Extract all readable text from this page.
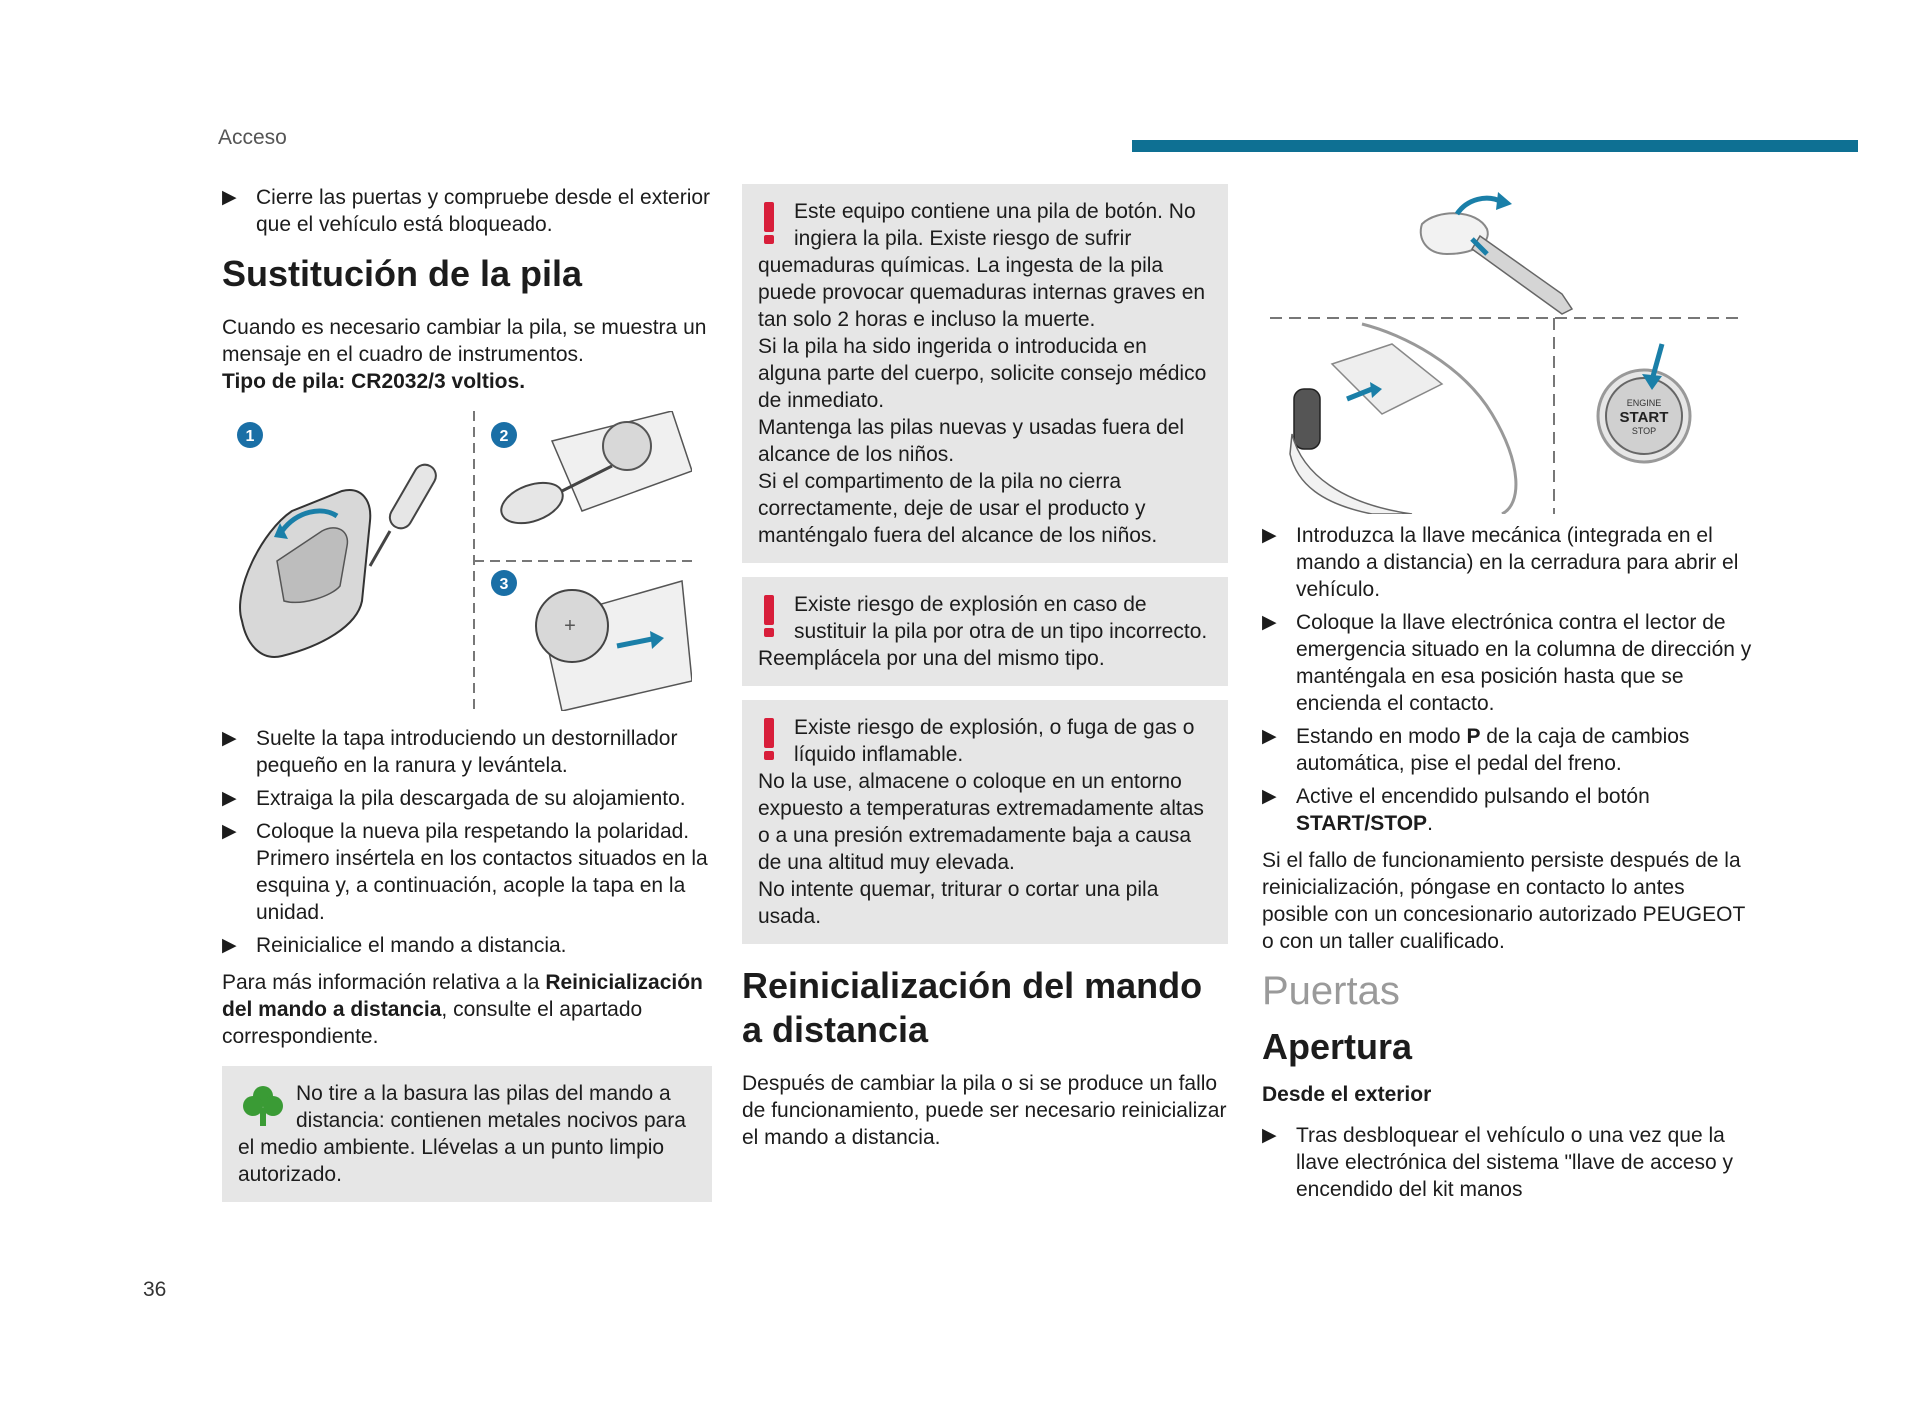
Acceso
▶ Cierre las puertas y compruebe desde el exterior que el vehículo está bloqueado.
Sustitución de la pila

Cuando es necesario cambiar la pila, se muestra un mensaje en el cuadro de instrumentos.

Tipo de pila: CR2032/3 voltios.

1	2
3
+
▶ Suelte la tapa introduciendo un destornillador pequeño en la ranura y levántela.
▶ Extraiga la pila descargada de su alojamiento.
▶ Coloque la nueva pila respetando la polaridad. Primero insértela en los contactos situados en la esquina y, a continuación, acople la tapa en la unidad.
▶ Reinicialice el mando a distancia.

Para más información relativa a la Reinicialización del mando a distancia, consulte el apartado correspondiente.

No tire a la basura las pilas del mando a distancia: contienen metales nocivos para el medio ambiente. Llévelas a un punto limpio autorizado.
Este equipo contiene una pila de botón. No ingiera la pila. Existe riesgo de sufrir quemaduras químicas. La ingesta de la pila puede provocar quemaduras internas graves en tan solo 2 horas e incluso la muerte.
Si la pila ha sido ingerida o introducida en alguna parte del cuerpo, solicite consejo médico de inmediato.
Mantenga las pilas nuevas y usadas fuera del alcance de los niños.
Si el compartimento de la pila no cierra correctamente, deje de usar el producto y manténgalo fuera del alcance de los niños.
Existe riesgo de explosión en caso de sustituir la pila por otra de un tipo incorrecto. Reemplácela por una del mismo tipo.
Existe riesgo de explosión, o fuga de gas o líquido inflamable.
No la use, almacene o coloque en un entorno expuesto a temperaturas extremadamente altas o a una presión extremadamente baja a causa de una altitud muy elevada.
No intente quemar, triturar o cortar una pila usada.
Reinicialización del mando a distancia

Después de cambiar la pila o si se produce un fallo de funcionamiento, puede ser necesario reinicializar el mando a distancia.

ENGINE
START
STOP
▶ Introduzca la llave mecánica (integrada en el mando a distancia) en la cerradura para abrir el vehículo.
▶ Coloque la llave electrónica contra el lector de emergencia situado en la columna de dirección y manténgala en esa posición hasta que se encienda el contacto.
▶ Estando en modo P de la caja de cambios automática, pise el pedal del freno.
▶ Active el encendido pulsando el botón START/STOP.

Si el fallo de funcionamiento persiste después de la reinicialización, póngase en contacto lo antes posible con un concesionario autorizado PEUGEOT o con un taller cualificado.

Puertas
Apertura
Desde el exterior
▶ Tras desbloquear el vehículo o una vez que la llave electrónica del sistema "llave de acceso y encendido del kit manos
36
